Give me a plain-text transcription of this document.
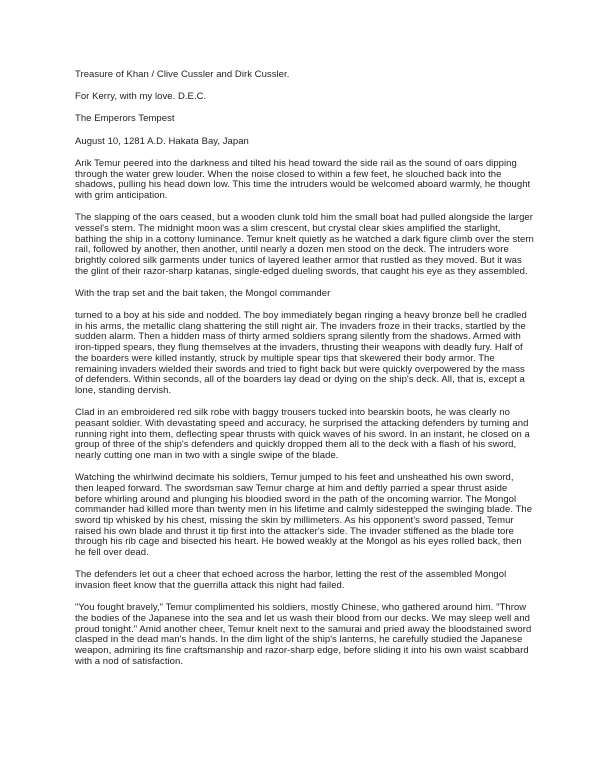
Treasure of Khan / Clive Cussler and Dirk Cussler.

For Kerry, with my love. D.E.C.

The Emperors Tempest

August 10, 1281 A.D. Hakata Bay, Japan

Arik Temur peered into the darkness and tilted his head toward the side rail as the sound of oars dipping through the water grew louder. When the noise closed to within a few feet, he slouched back into the shadows, pulling his head down low. This time the intruders would be welcomed aboard warmly, he thought with grim anticipation.

The slapping of the oars ceased, but a wooden clunk told him the small boat had pulled alongside the larger vessel's stern. The midnight moon was a slim crescent, but crystal clear skies amplified the starlight, bathing the ship in a cottony luminance. Temur knelt quietly as he watched a dark figure climb over the stern rail, followed by another, then another, until nearly a dozen men stood on the deck. The intruders wore brightly colored silk garments under tunics of layered leather armor that rustled as they moved. But it was the glint of their razor-sharp katanas, single-edged dueling swords, that caught his eye as they assembled.

With the trap set and the bait taken, the Mongol commander

turned to a boy at his side and nodded. The boy immediately began ringing a heavy bronze bell he cradled in his arms, the metallic clang shattering the still night air. The invaders froze in their tracks, startled by the sudden alarm. Then a hidden mass of thirty armed soldiers sprang silently from the shadows. Armed with iron-tipped spears, they flung themselves at the invaders, thrusting their weapons with deadly fury. Half of the boarders were killed instantly, struck by multiple spear tips that skewered their body armor. The remaining invaders wielded their swords and tried to fight back but were quickly overpowered by the mass of defenders. Within seconds, all of the boarders lay dead or dying on the ship's deck. All, that is, except a lone, standing dervish.

Clad in an embroidered red silk robe with baggy trousers tucked into bearskin boots, he was clearly no peasant soldier. With devastating speed and accuracy, he surprised the attacking defenders by turning and running right into them, deflecting spear thrusts with quick waves of his sword. In an instant, he closed on a group of three of the ship's defenders and quickly dropped them all to the deck with a flash of his sword, nearly cutting one man in two with a single swipe of the blade.

Watching the whirlwind decimate his soldiers, Temur jumped to his feet and unsheathed his own sword, then leaped forward. The swordsman saw Temur charge at him and deftly parried a spear thrust aside before whirling around and plunging his bloodied sword in the path of the oncoming warrior. The Mongol commander had killed more than twenty men in his lifetime and calmly sidestepped the swinging blade. The sword tip whisked by his chest, missing the skin by millimeters. As his opponent's sword passed, Temur raised his own blade and thrust it tip first into the attacker's side. The invader stiffened as the blade tore through his rib cage and bisected his heart. He bowed weakly at the Mongol as his eyes rolled back, then he fell over dead.

The defenders let out a cheer that echoed across the harbor, letting the rest of the assembled Mongol invasion fleet know that the guerrilla attack this night had failed.

"You fought bravely," Temur complimented his soldiers, mostly Chinese, who gathered around him. "Throw the bodies of the Japanese into the sea and let us wash their blood from our decks. We may sleep well and proud tonight." Amid another cheer, Temur knelt next to the samurai and pried away the bloodstained sword clasped in the dead man's hands. In the dim light of the ship's lanterns, he carefully studied the Japanese weapon, admiring its fine craftsmanship and razor-sharp edge, before sliding it into his own waist scabbard with a nod of satisfaction.
